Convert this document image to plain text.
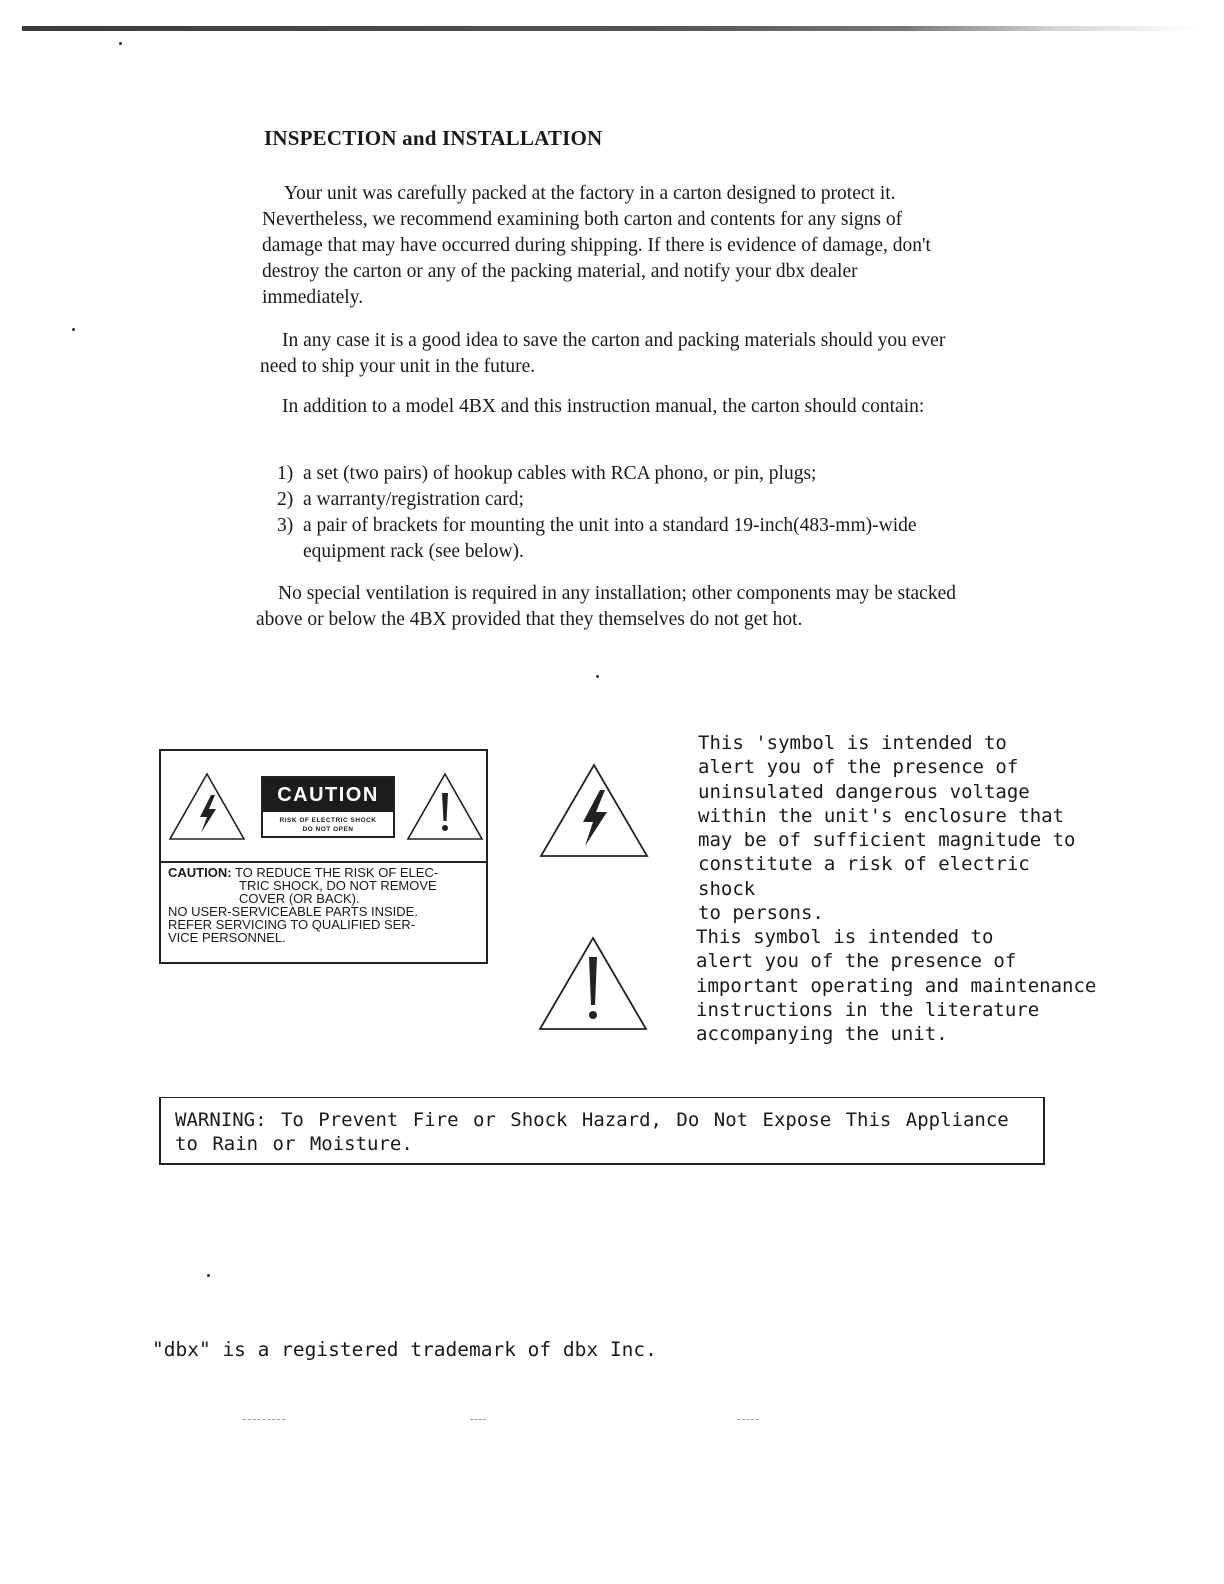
INSPECTION and INSTALLATION

Your unit was carefully packed at the factory in a carton designed to protect it. Nevertheless, we recommend examining both carton and contents for any signs of damage that may have occurred during shipping. If there is evidence of damage, don't destroy the carton or any of the packing material, and notify your dbx dealer immediately.

In any case it is a good idea to save the carton and packing materials should you ever need to ship your unit in the future.

In addition to a model 4BX and this instruction manual, the carton should contain:

1) a set (two pairs) of hookup cables with RCA phono, or pin, plugs;
2) a warranty/registration card;
3) a pair of brackets for mounting the unit into a standard 19-inch(483-mm)-wide equipment rack (see below).

No special ventilation is required in any installation; other components may be stacked above or below the 4BX provided that they themselves do not get hot.

CAUTION
RISK OF ELECTRIC SHOCK
DO NOT OPEN

CAUTION: TO REDUCE THE RISK OF ELEC-
TRIC SHOCK, DO NOT REMOVE
COVER (OR BACK).
NO USER-SERVICEABLE PARTS INSIDE.
REFER SERVICING TO QUALIFIED SER-
VICE PERSONNEL.

This 'symbol is intended to
alert you of the presence of
uninsulated dangerous voltage
within the unit's enclosure that
may be of sufficient magnitude to
constitute a risk of electric shock
to persons.

This symbol is intended to
alert you of the presence of
important operating and maintenance
instructions in the literature
accompanying the unit.

WARNING: To Prevent Fire or Shock Hazard, Do Not Expose This Appliance to Rain or Moisture.

"dbx" is a registered trademark of dbx Inc.
